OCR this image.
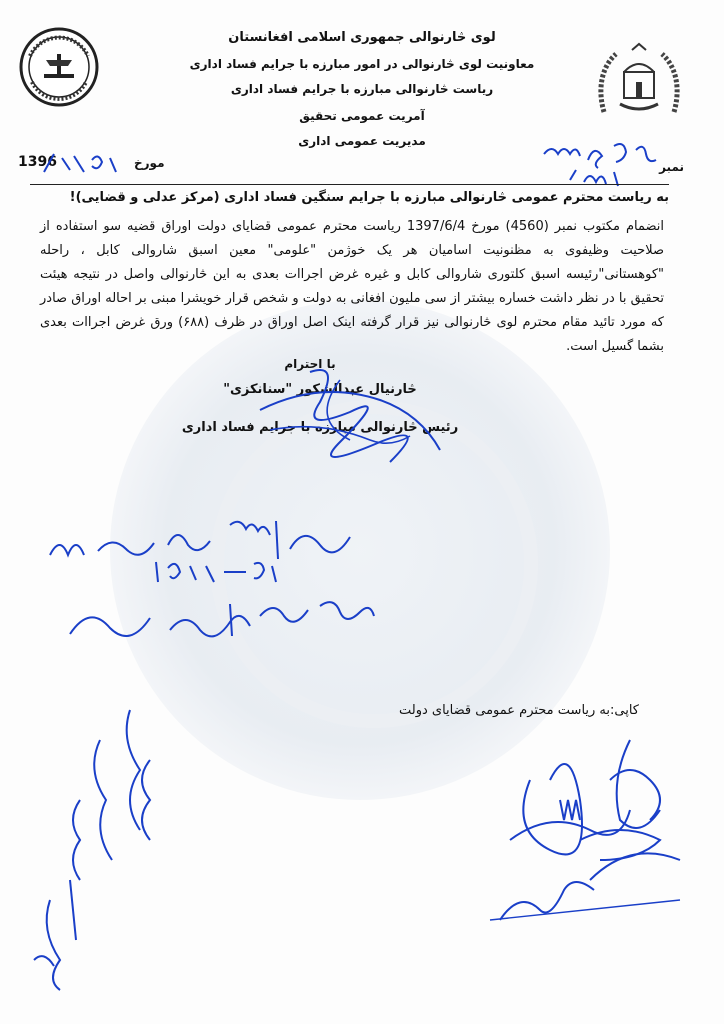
لوی څارنوالی جمهوری اسلامی افغانستان
معاونیت لوی څارنوالی در امور مبارزه با جرایم فساد اداری
ریاست څارنوالی مبارزه با جرایم فساد اداری
آمریت عمومی تحقیق
مدیریت عمومی اداری
1396	مورخ	نمبر
به ریاست محترم عمومی څارنوالی مبارزه با جرایم سنگین فساد اداری (مرکز عدلی و قضایی)!
انضمام مکتوب نمبر (4560) مورخ 1397/6/4 ریاست محترم عمومی قضایای دولت اوراق قضیه سو استفاده از صلاحیت وظیفوی به مظنونیت اسامیان هر یک خوژمن "علومی" معین اسبق شاروالی کابل ، راحله "کوهستانی"رئیسه اسبق کلتوری شاروالی کابل و غیره غرض اجراات بعدی به این څارنوالی واصل در نتیجه هیئت تحقیق با در نظر داشت خساره بیشتر از سی ملیون افغانی به دولت و شخص قرار خویشرا مبنی بر احاله اوراق صادر که مورد تائید مقام محترم لوی څارنوالی نیز قرار گرفته اینک اصل اوراق در ظرف (۶۸۸) ورق غرض اجراات بعدی بشما گسیل است.
با احترام
څارنیال عبدالشکور "سنانکزی"
رئیس څارنوالی مبارزه با جرایم فساد اداری
کاپی:به ریاست محترم عمومی قضایای دولت
